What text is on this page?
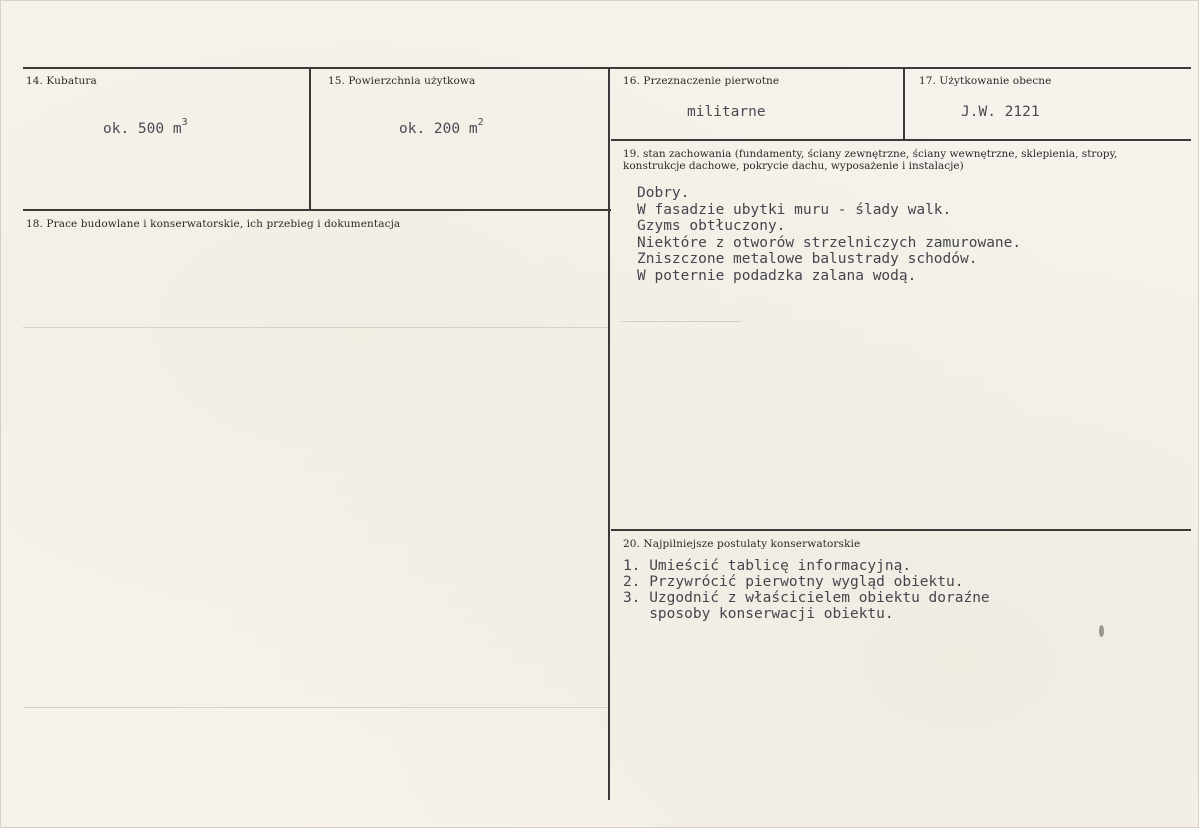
14. Kubatura
ok. 500 $m^3$
15. Powierzchnia użytkowa
ok. 200 $m^2$
16. Przeznaczenie pierwotne
militarne
17. Użytkowanie obecne
J.W. 2121
18. Prace budowlane i konserwatorskie, ich przebieg i dokumentacja
19. stan zachowania (fundamenty, ściany zewnętrzne, ściany wewnętrzne, sklepienia, stropy, konstrukcje dachowe, pokrycie dachu, wyposażenie i instalacje)
Dobry.
W fasadzie ubytki muru - ślady walk.
Gzyms obtłuczony.
Niektóre z otworów strzelniczych zamurowane.
Zniszczone metalowe balustrady schodów.
W poternie podadzka zalana wodą.
20. Najpilniejsze postulaty konserwatorskie
1. Umieścić tablicę informacyjną.
2. Przywrócić pierwotny wygląd obiektu.
3. Uzgodnić z właścicielem obiektu doraźne
sposoby konserwacji obiektu.
